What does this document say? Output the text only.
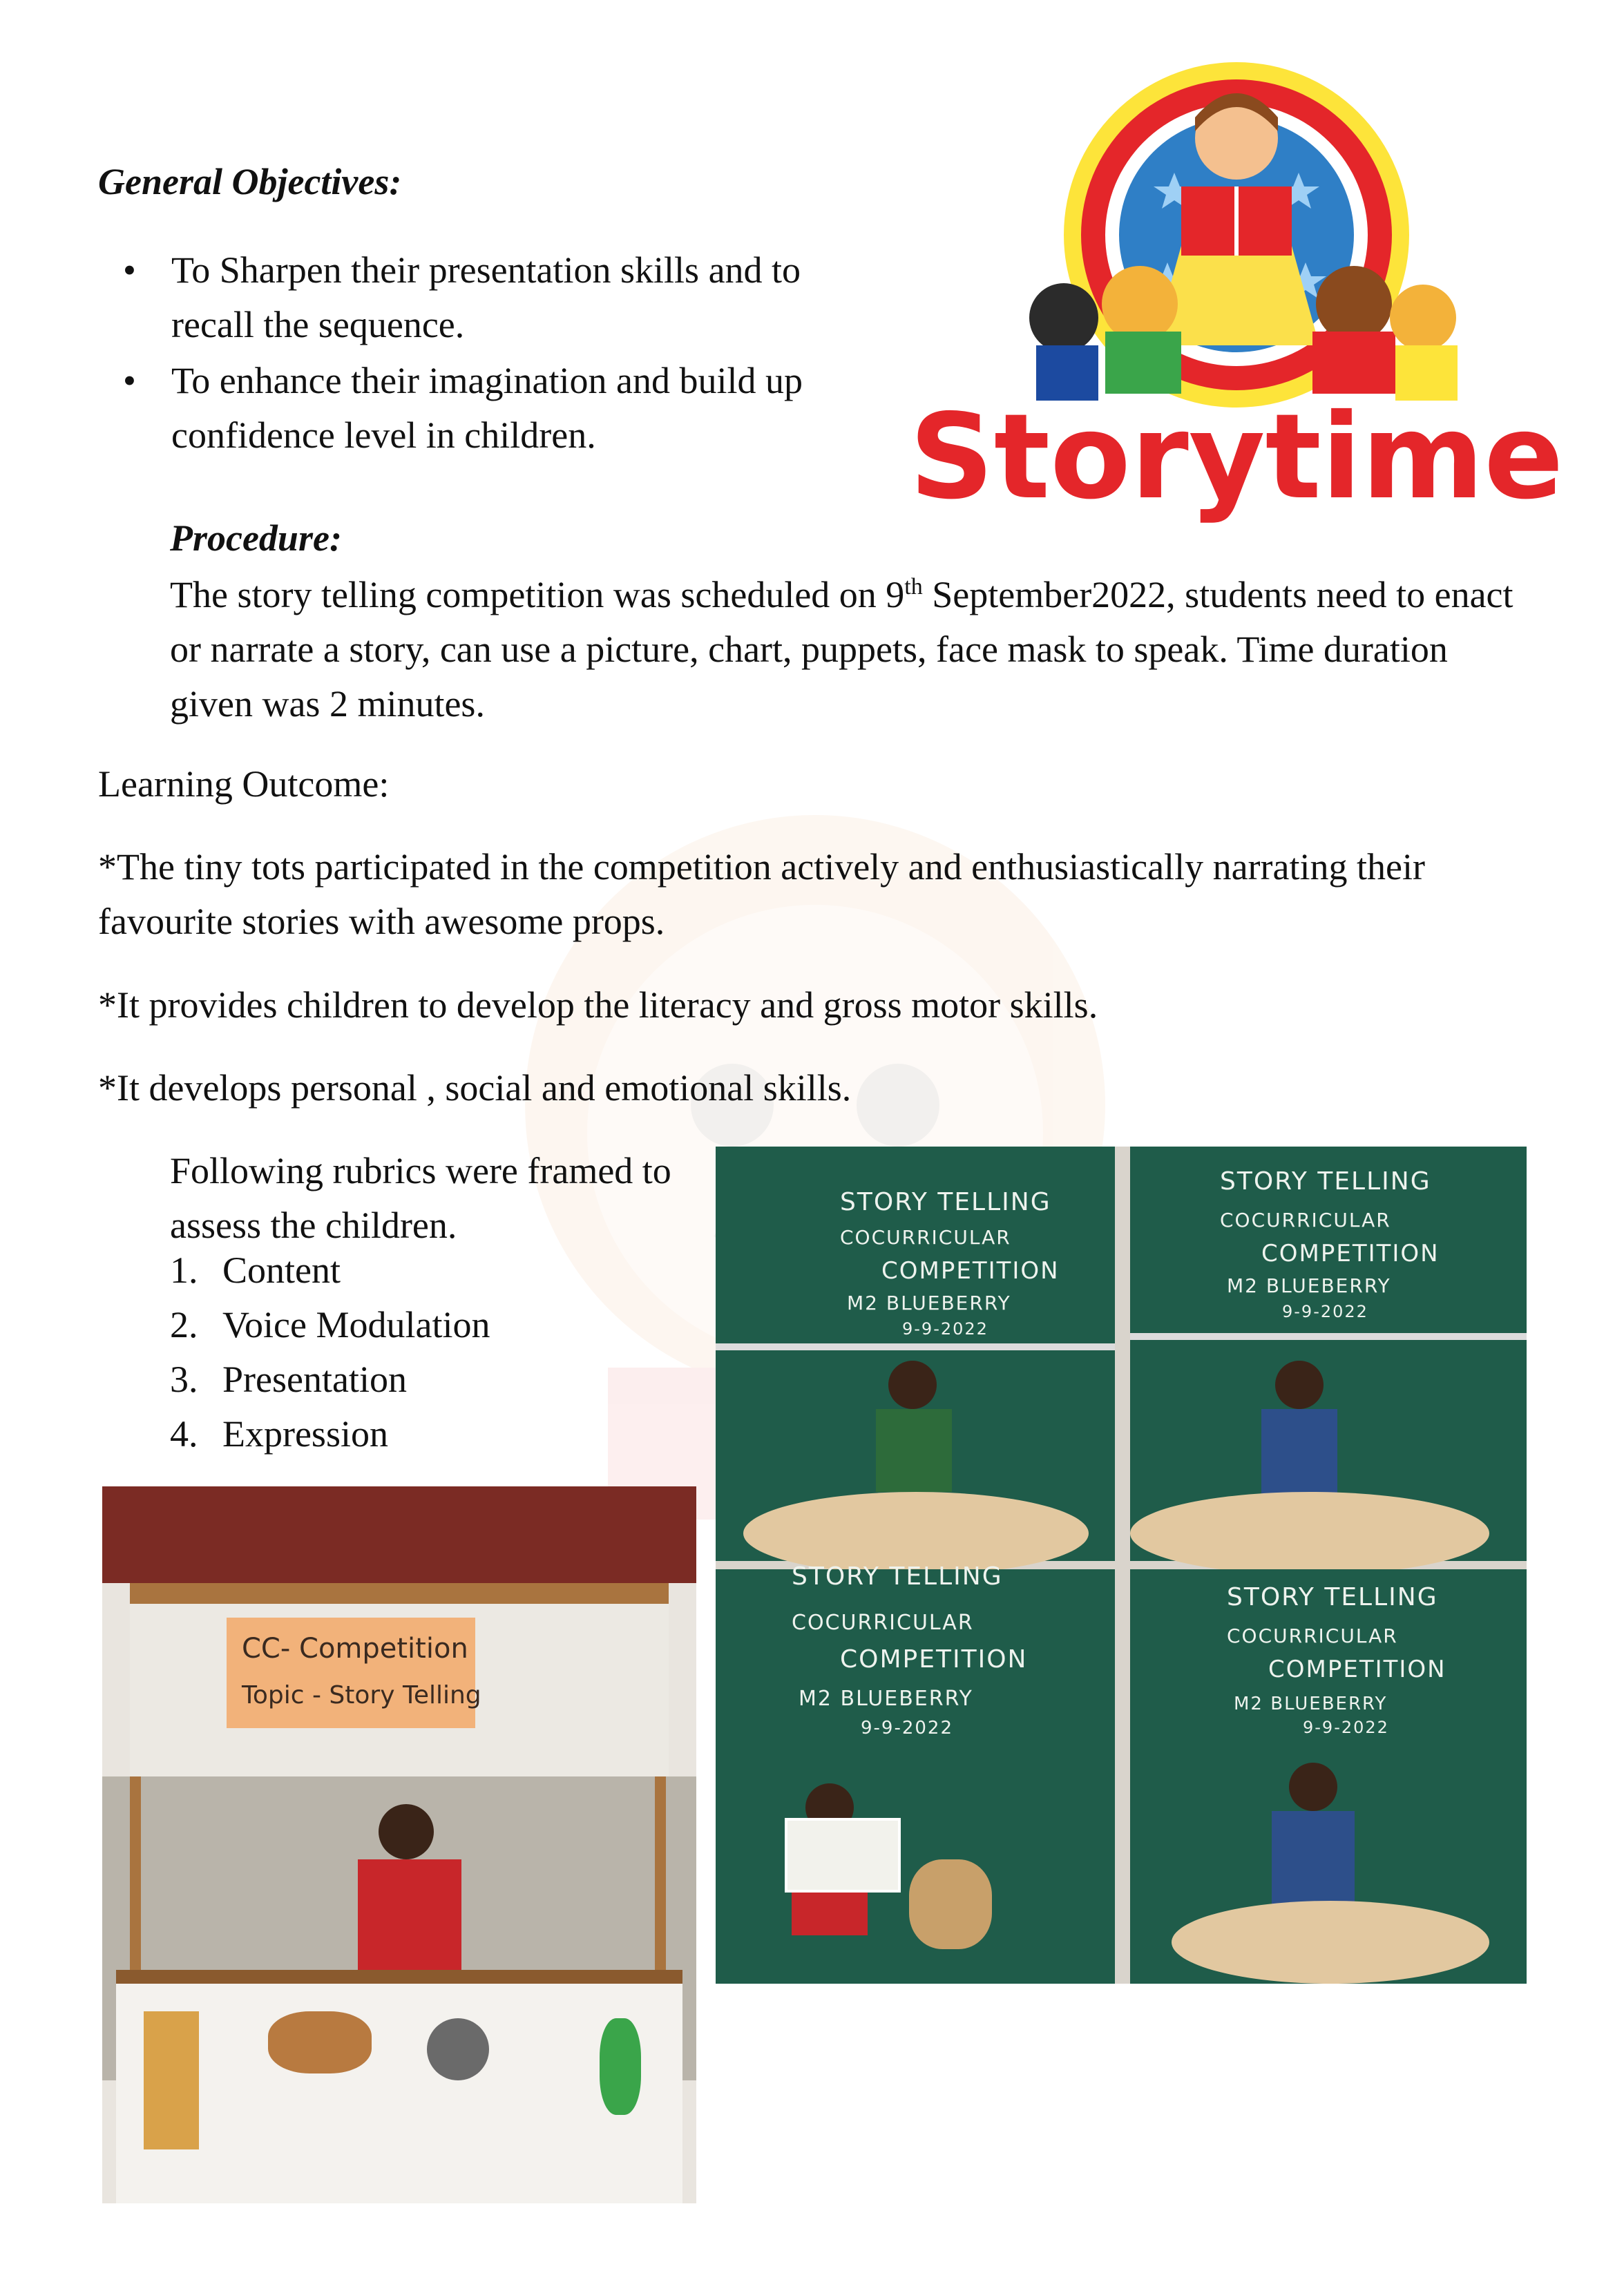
General Objectives:
• To Sharpen their presentation skills and to recall the sequence.
• To enhance their imagination and build up confidence level in children.	Storytime
Procedure:
The story telling competition was scheduled on 9th September2022, students need to enact or narrate a story, can use a picture, chart, puppets, face mask to speak. Time duration given was 2 minutes.
Learning Outcome:
*The tiny tots participated in the competition actively and enthusiastically narrating their favourite stories with awesome props.
*It provides children to develop the literacy and gross motor skills.
*It develops personal , social and emotional skills.
Following rubrics were framed to assess the children.
1. Content
2. Voice Modulation
3. Presentation
4. Expression
STORY TELLING
COCURRICULAR
COMPETITION
M2 BLUEBERRY
9-9-2022
STORY TELLING
COCURRICULAR
COMPETITION
M2 BLUEBERRY
9-9-2022
STORY TELLING
COCURRICULAR
COMPETITION
M2 BLUEBERRY
9-9-2022
STORY TELLING
COCURRICULAR
COMPETITION
M2 BLUEBERRY
9-9-2022
CC- Competition
Topic - Story Telling
